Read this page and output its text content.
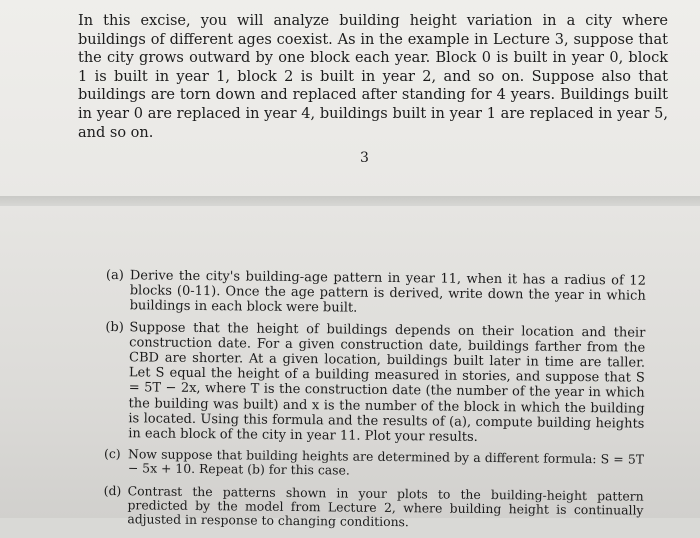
In this excise, you will analyze building height variation in a city where buildings of different ages coexist. As in the example in Lecture 3, suppose that the city grows outward by one block each year. Block 0 is built in year 0, block 1 is built in year 1, block 2 is built in year 2, and so on. Suppose also that buildings are torn down and replaced after standing for 4 years. Buildings built in year 0 are replaced in year 4, buildings built in year 1 are replaced in year 5, and so on.

3
(a) Derive the city's building-age pattern in year 11, when it has a radius of 12 blocks (0-11). Once the age pattern is derived, write down the year in which buildings in each block were built.
(b) Suppose that the height of buildings depends on their location and their construction date. For a given construction date, buildings farther from the CBD are shorter. At a given location, buildings built later in time are taller. Let S equal the height of a building measured in stories, and suppose that S = 5T − 2x, where T is the construction date (the number of the year in which the building was built) and x is the number of the block in which the building is located. Using this formula and the results of (a), compute building heights in each block of the city in year 11. Plot your results.
(c) Now suppose that building heights are determined by a different formula: S = 5T − 5x + 10. Repeat (b) for this case.
(d) Contrast the patterns shown in your plots to the building-height pattern predicted by the model from Lecture 2, where building height is continually adjusted in response to changing conditions.
